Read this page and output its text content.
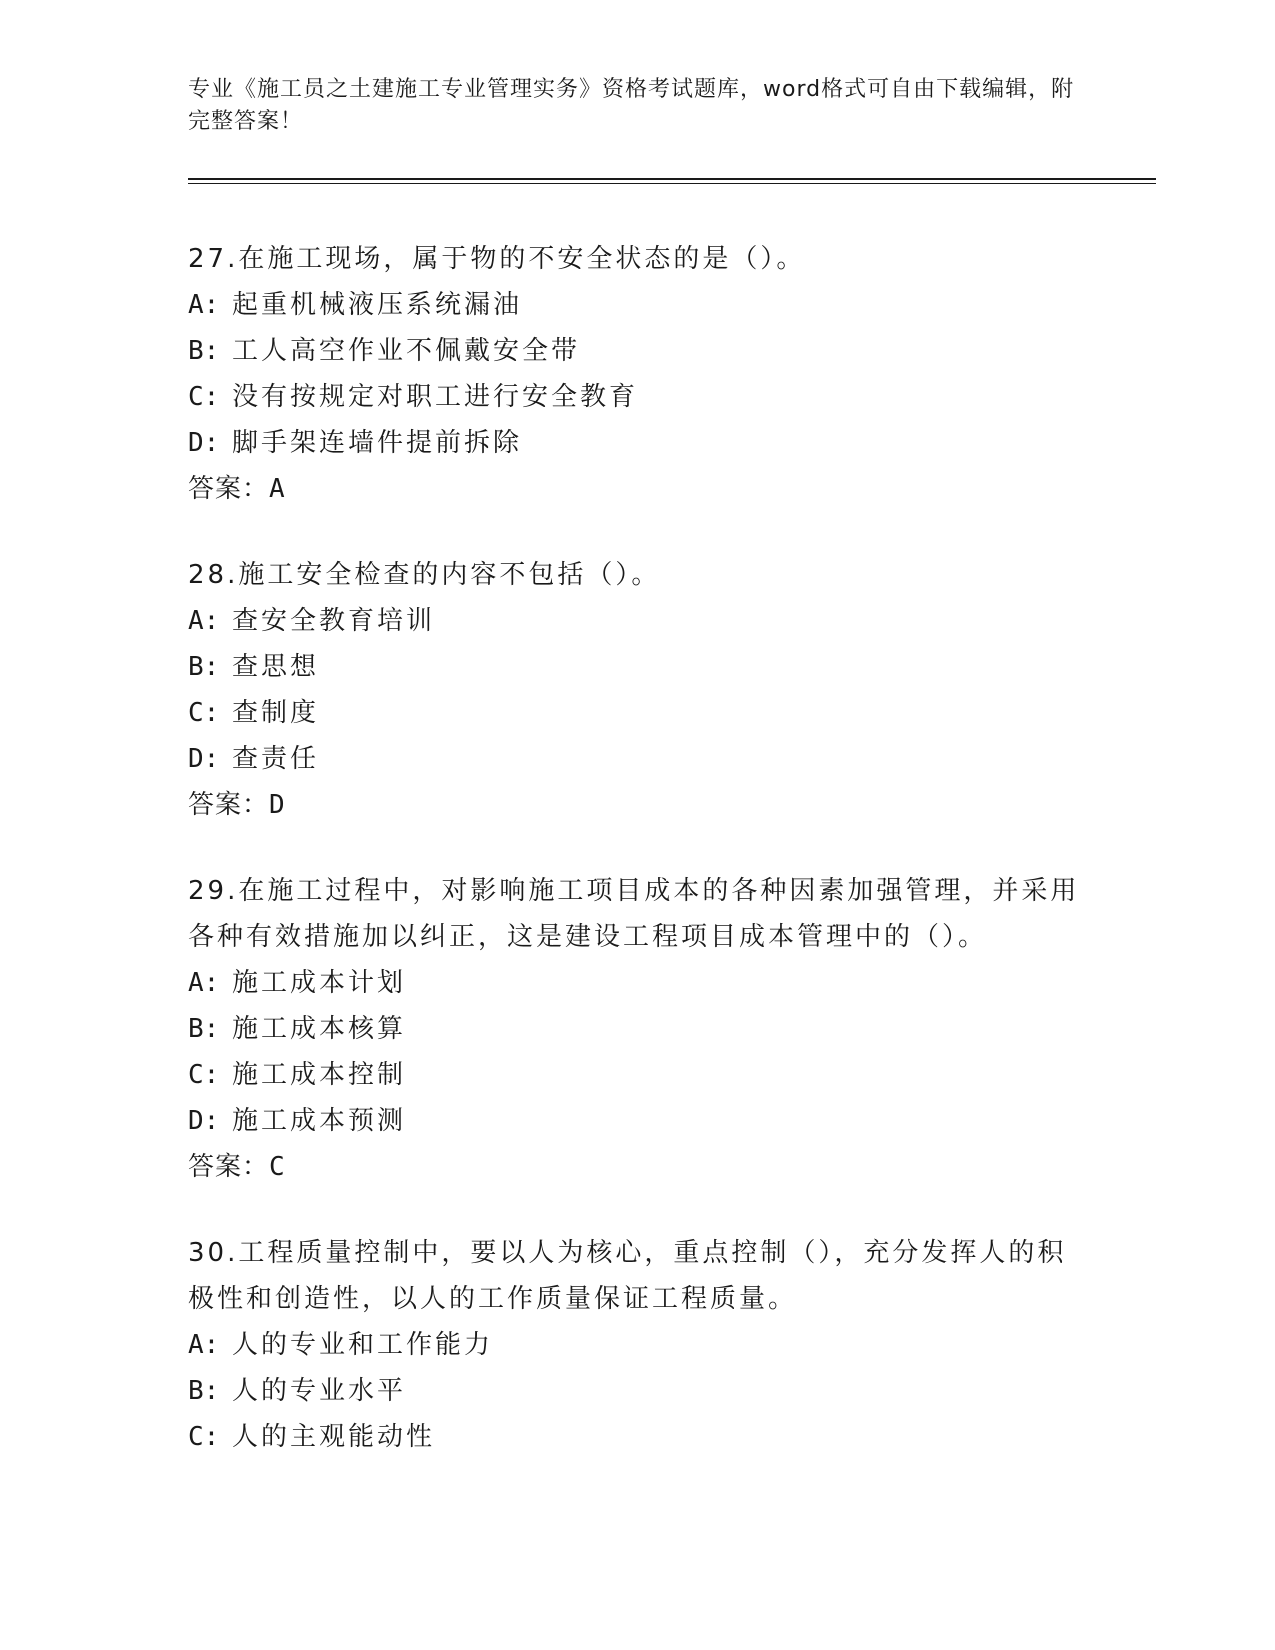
专业《施工员之土建施工专业管理实务》资格考试题库，word格式可自由下载编辑，附完整答案！
27.在施工现场，属于物的不安全状态的是（）。
A: 起重机械液压系统漏油
B: 工人高空作业不佩戴安全带
C: 没有按规定对职工进行安全教育
D: 脚手架连墙件提前拆除
答案：A
28.施工安全检查的内容不包括（）。
A: 查安全教育培训
B: 查思想
C: 查制度
D: 查责任
答案：D
29.在施工过程中，对影响施工项目成本的各种因素加强管理，并采用各种有效措施加以纠正，这是建设工程项目成本管理中的（）。
A: 施工成本计划
B: 施工成本核算
C: 施工成本控制
D: 施工成本预测
答案：C
30.工程质量控制中，要以人为核心，重点控制（），充分发挥人的积极性和创造性，以人的工作质量保证工程质量。
A: 人的专业和工作能力
B: 人的专业水平
C: 人的主观能动性
